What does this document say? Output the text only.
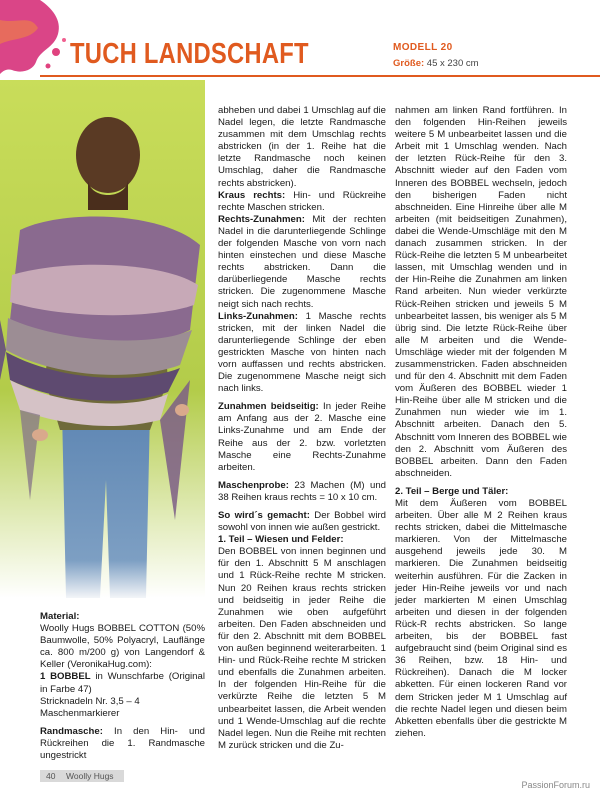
TUCH LANDSCHAFT	MODELL 20
Größe: 45 x 230 cm

Material:

Woolly Hugs BOBBEL COTTON (50% Baumwolle, 50% Polyacryl, Lauflänge ca. 800 m/200 g) von Langendorf & Keller (VeronikaHug.com):

1 BOBBEL in Wunschfarbe (Original in Farbe 47)

Stricknadeln Nr. 3,5 – 4

Maschenmarkierer

Randmasche: In den Hin- und Rückreihen die 1. Randmasche ungestrickt

abheben und dabei 1 Umschlag auf die Nadel legen, die letzte Randmasche zusammen mit dem Umschlag rechts abstricken (in der 1. Reihe hat die letzte Randmasche noch keinen Umschlag, daher die Randmasche rechts abstricken).

Kraus rechts: Hin- und Rückreihe rechte Maschen stricken.

Rechts-Zunahmen: Mit der rechten Nadel in die darunterliegende Schlinge der folgenden Masche von vorn nach hinten einstechen und diese Masche rechts abstricken. Dann die darüberliegende Masche rechts stricken. Die zugenommene Masche neigt sich nach rechts.

Links-Zunahmen: 1 Masche rechts stricken, mit der linken Nadel die darunterliegende Schlinge der eben gestrickten Masche von hinten nach vorn auffassen und rechts abstricken. Die zugenommene Masche neigt sich nach links.

Zunahmen beidseitig: In jeder Reihe am Anfang aus der 2. Masche eine Links-Zunahme und am Ende der Reihe aus der 2. bzw. vorletzten Masche eine Rechts-Zunahme arbeiten.

Maschenprobe: 23 Machen (M) und 38 Reihen kraus rechts = 10 x 10 cm.

So wird´s gemacht: Der Bobbel wird sowohl von innen wie außen gestrickt.

1. Teil – Wiesen und Felder:

Den BOBBEL von innen beginnen und für den 1. Abschnitt 5 M anschlagen und 1 Rück-Reihe rechte M stricken. Nun 20 Reihen kraus rechts stricken und beidseitig in jeder Reihe die Zunahmen wie oben aufgeführt arbeiten. Den Faden abschneiden und für den 2. Abschnitt mit dem BOBBEL von außen beginnend weiterarbeiten. 1 Hin- und Rück-Reihe rechte M stricken und ebenfalls die Zunahmen arbeiten. In der folgenden Hin-Reihe für die verkürzte Reihe die letzten 5 M unbearbeitet lassen, die Arbeit wenden und 1 Wende-Umschlag auf die rechte Nadel legen. Nun die Reihe mit rechten M zurück stricken und die Zu-

nahmen am linken Rand fortführen. In den folgenden Hin-Reihen jeweils weitere 5 M unbearbeitet lassen und die Arbeit mit 1 Umschlag wenden. Nach der letzten Rück-Reihe für den 3. Abschnitt wieder auf den Faden vom Inneren des BOBBEL wechseln, jedoch den bisherigen Faden nicht abschneiden. Eine Hinreihe über alle M arbeiten (mit beidseitigen Zunahmen), dabei die Wende-Umschläge mit den M danach zusammen stricken. In der Rück-Reihe die letzten 5 M unbearbeitet lassen, mit Umschlag wenden und in der Hin-Reihe die Zunahmen am linken Rand arbeiten. Nun wieder verkürzte Rück-Reihen stricken und jeweils 5 M unbearbeitet lassen, bis weniger als 5 M übrig sind. Die letzte Rück-Reihe über alle M arbeiten und die Wende-Umschläge wieder mit der folgenden M zusammenstricken. Faden abschneiden und für den 4. Abschnitt mit dem Faden vom Äußeren des BOBBEL wieder 1 Hin-Reihe über alle M stricken und die Zunahmen nun wieder wie im 1. Abschnitt arbeiten. Danach den 5. Abschnitt vom Inneren des BOBBEL wie den 2. Abschnitt vom Äußeren des BOBBEL arbeiten. Dann den Faden abschneiden.

2. Teil – Berge und Täler:

Mit dem Äußeren vom BOBBEL arbeiten. Über alle M 2 Reihen kraus rechts stricken, dabei die Mittelmasche markieren. Von der Mittelmasche ausgehend jeweils jede 30. M markieren. Die Zunahmen beidseitig weiterhin ausführen. Für die Zacken in jeder Hin-Reihe jeweils vor und nach jeder markierten M einen Umschlag arbeiten und diesen in der folgenden Rück-R rechts abstricken. So lange arbeiten, bis der BOBBEL fast aufgebraucht sind (beim Original sind es 36 Reihen, bzw. 18 Hin- und Rückreihen). Danach die M locker abketten. Für einen lockeren Rand vor dem Stricken jeder M 1 Umschlag auf die rechte Nadel legen und diesen beim Abketten ebenfalls über die gestrickte M ziehen.

40 Woolly Hugs
PassionForum.ru
